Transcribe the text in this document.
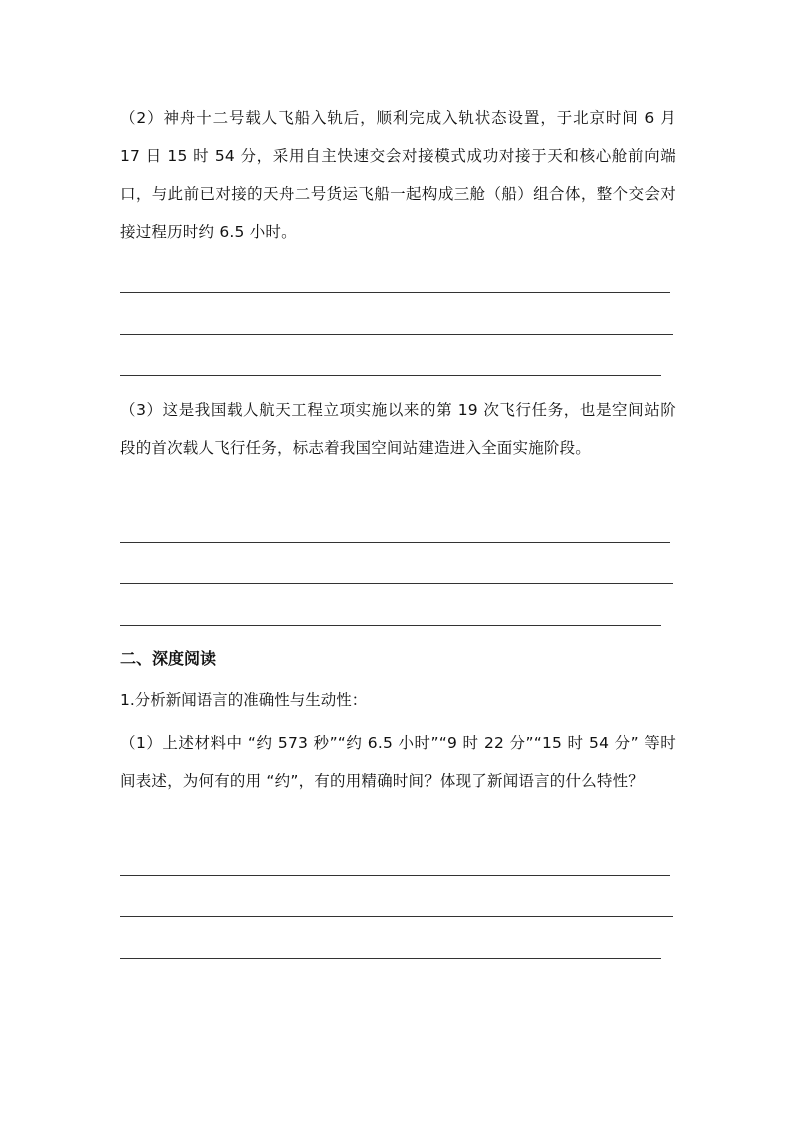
（2）神舟十二号载人飞船入轨后，顺利完成入轨状态设置，于北京时间 6 月 17 日 15 时 54 分，采用自主快速交会对接模式成功对接于天和核心舱前向端口，与此前已对接的天舟二号货运飞船一起构成三舱（船）组合体，整个交会对接过程历时约 6.5 小时。

（3）这是我国载人航天工程立项实施以来的第 19 次飞行任务，也是空间站阶段的首次载人飞行任务，标志着我国空间站建造进入全面实施阶段。

二、深度阅读

1.分析新闻语言的准确性与生动性：

（1）上述材料中 “约 573 秒”“约 6.5 小时”“9 时 22 分”“15 时 54 分” 等时间表述，为何有的用 “约”，有的用精确时间？体现了新闻语言的什么特性？
